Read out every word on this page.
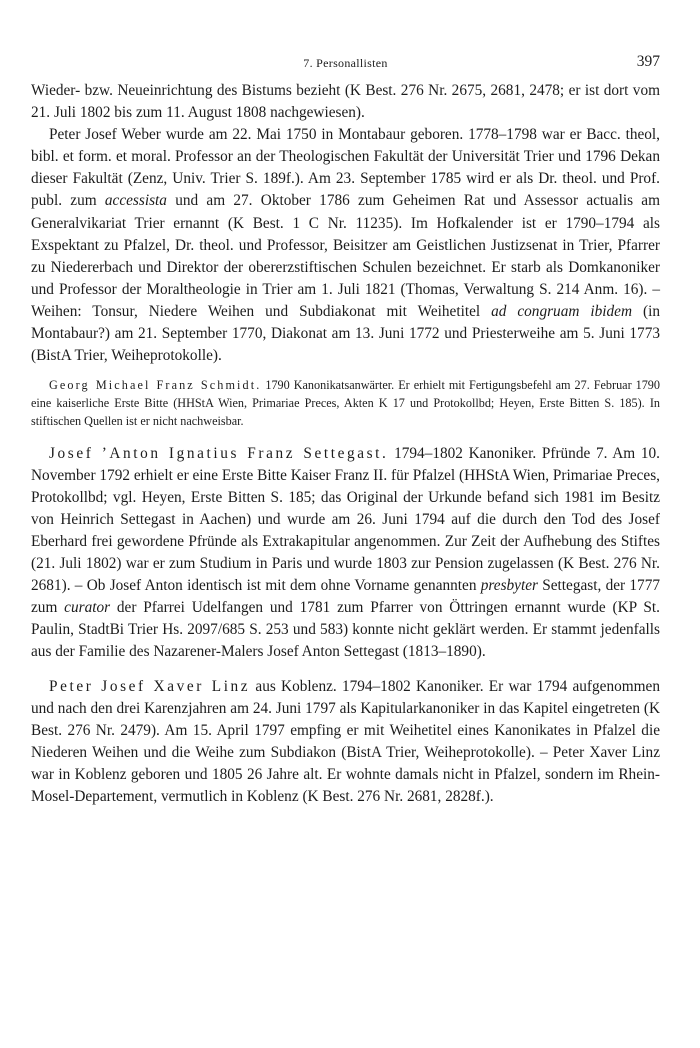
7. Personallisten	397

Wieder- bzw. Neueinrichtung des Bistums bezieht (K Best. 276 Nr. 2675, 2681, 2478; er ist dort vom 21. Juli 1802 bis zum 11. August 1808 nachgewiesen).

Peter Josef Weber wurde am 22. Mai 1750 in Montabaur geboren. 1778–1798 war er Bacc. theol, bibl. et form. et moral. Professor an der Theologischen Fakultät der Universität Trier und 1796 Dekan dieser Fakultät (Zenz, Univ. Trier S. 189f.). Am 23. September 1785 wird er als Dr. theol. und Prof. publ. zum accessista und am 27. Oktober 1786 zum Geheimen Rat und Assessor actualis am Generalvikariat Trier ernannt (K Best. 1 C Nr. 11235). Im Hofkalender ist er 1790–1794 als Exspektant zu Pfalzel, Dr. theol. und Professor, Beisitzer am Geistlichen Justizsenat in Trier, Pfarrer zu Niedererbach und Direktor der obererzstiftischen Schulen bezeichnet. Er starb als Domkanoniker und Professor der Moraltheologie in Trier am 1. Juli 1821 (Thomas, Verwaltung S. 214 Anm. 16). – Weihen: Tonsur, Niedere Weihen und Subdiakonat mit Weihetitel ad congruam ibidem (in Montabaur?) am 21. September 1770, Diakonat am 13. Juni 1772 und Priesterweihe am 5. Juni 1773 (BistA Trier, Weiheprotokolle).

Georg Michael Franz Schmidt. 1790 Kanonikatsanwärter. Er erhielt mit Fertigungsbefehl am 27. Februar 1790 eine kaiserliche Erste Bitte (HHStA Wien, Primariae Preces, Akten K 17 und Protokollbd; Heyen, Erste Bitten S. 185). In stiftischen Quellen ist er nicht nachweisbar.

Josef ’Anton Ignatius Franz Settegast. 1794–1802 Kanoniker. Pfründe 7. Am 10. November 1792 erhielt er eine Erste Bitte Kaiser Franz II. für Pfalzel (HHStA Wien, Primariae Preces, Protokollbd; vgl. Heyen, Erste Bitten S. 185; das Original der Urkunde befand sich 1981 im Besitz von Heinrich Settegast in Aachen) und wurde am 26. Juni 1794 auf die durch den Tod des Josef Eberhard frei gewordene Pfründe als Extrakapitular angenommen. Zur Zeit der Aufhebung des Stiftes (21. Juli 1802) war er zum Studium in Paris und wurde 1803 zur Pension zugelassen (K Best. 276 Nr. 2681). – Ob Josef Anton identisch ist mit dem ohne Vorname genannten presbyter Settegast, der 1777 zum curator der Pfarrei Udelfangen und 1781 zum Pfarrer von Öttringen ernannt wurde (KP St. Paulin, StadtBi Trier Hs. 2097/685 S. 253 und 583) konnte nicht geklärt werden. Er stammt jedenfalls aus der Familie des Nazarener-Malers Josef Anton Settegast (1813–1890).

Peter Josef Xaver Linz aus Koblenz. 1794–1802 Kanoniker. Er war 1794 aufgenommen und nach den drei Karenzjahren am 24. Juni 1797 als Kapitularkanoniker in das Kapitel eingetreten (K Best. 276 Nr. 2479). Am 15. April 1797 empfing er mit Weihetitel eines Kanonikates in Pfalzel die Niederen Weihen und die Weihe zum Subdiakon (BistA Trier, Weiheprotokolle). – Peter Xaver Linz war in Koblenz geboren und 1805 26 Jahre alt. Er wohnte damals nicht in Pfalzel, sondern im Rhein-Mosel-Departement, vermutlich in Koblenz (K Best. 276 Nr. 2681, 2828f.).
